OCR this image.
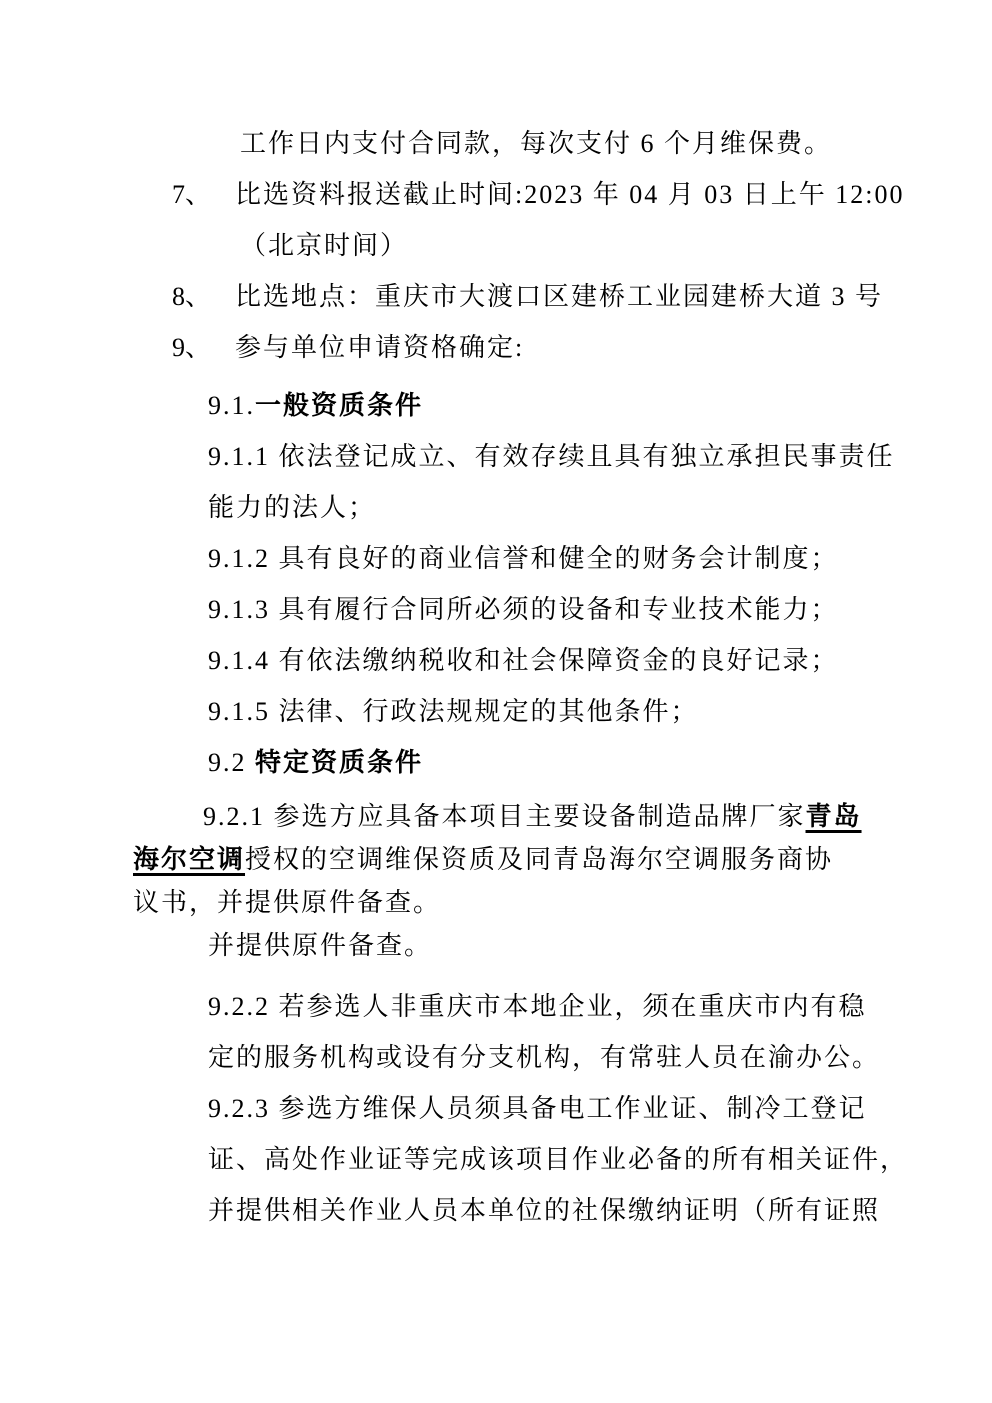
工作日内支付合同款，每次支付 6 个月维保费。
7、 比选资料报送截止时间:2023 年 04 月 03 日上午 12:00
（北京时间）
8、 比选地点：重庆市大渡口区建桥工业园建桥大道 3 号
9、 参与单位申请资格确定:
9.1.一般资质条件
9.1.1 依法登记成立、有效存续且具有独立承担民事责任
能力的法人；
9.1.2 具有良好的商业信誉和健全的财务会计制度；
9.1.3 具有履行合同所必须的设备和专业技术能力；
9.1.4 有依法缴纳税收和社会保障资金的良好记录；
9.1.5 法律、行政法规规定的其他条件；
9.2 特定资质条件
9.2.1 参选方应具备本项目主要设备制造品牌厂家青岛
海尔空调授权的空调维保资质及同青岛海尔空调服务商协
议书，并提供原件备查。
并提供原件备查。
9.2.2 若参选人非重庆市本地企业，须在重庆市内有稳
定的服务机构或设有分支机构，有常驻人员在渝办公。
9.2.3 参选方维保人员须具备电工作业证、制冷工登记
证、高处作业证等完成该项目作业必备的所有相关证件，
并提供相关作业人员本单位的社保缴纳证明（所有证照
